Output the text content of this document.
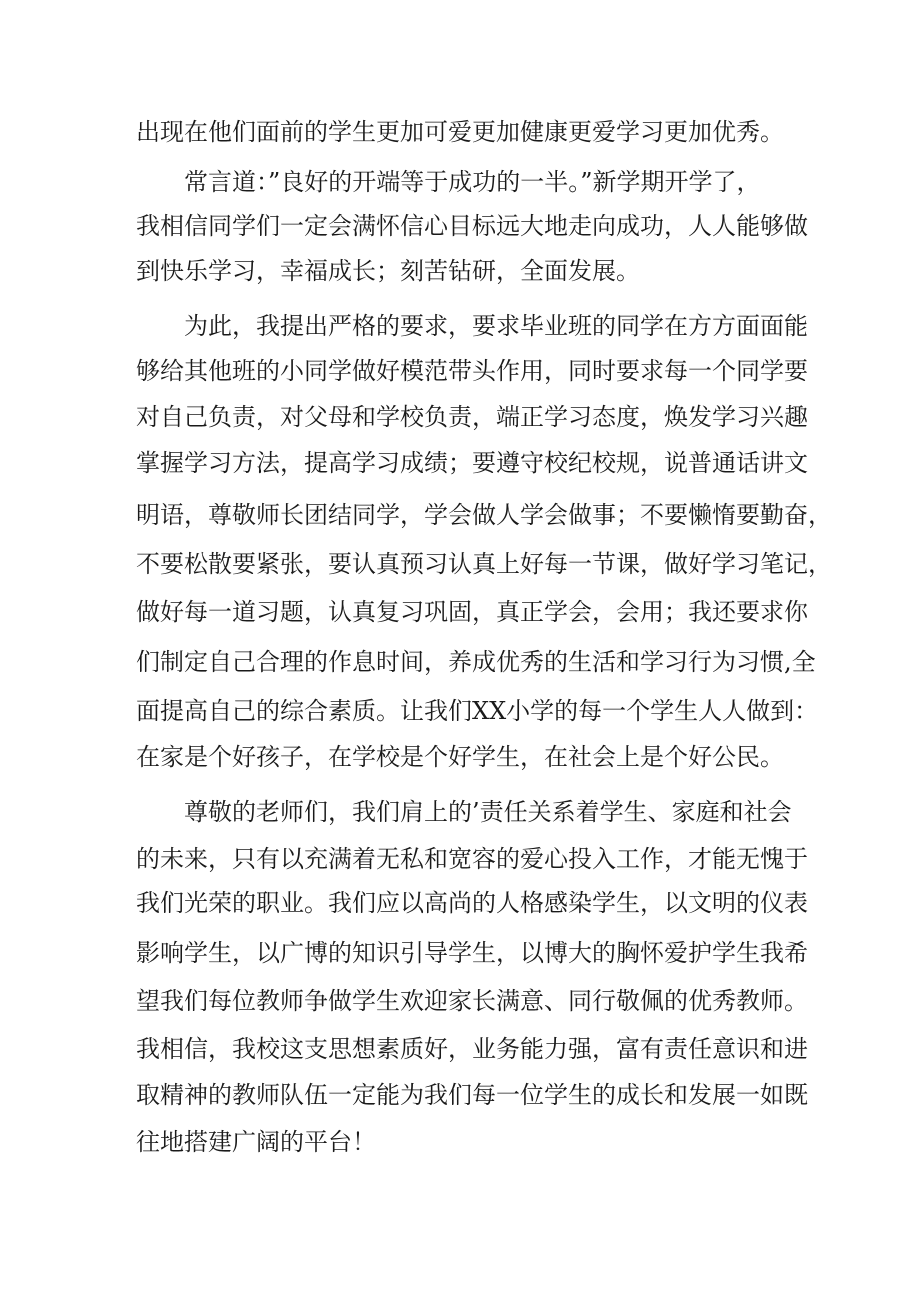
出现在他们面前的学生更加可爱更加健康更爱学习更加优秀。

常言道：”良好的开端等于成功的一半。”新学期开学了，

我相信同学们一定会满怀信心目标远大地走向成功，人人能够做

到快乐学习，幸福成长；刻苦钻研，全面发展。

为此，我提出严格的要求，要求毕业班的同学在方方面面能

够给其他班的小同学做好模范带头作用，同时要求每一个同学要

对自己负责，对父母和学校负责，端正学习态度，焕发学习兴趣

掌握学习方法，提高学习成绩；要遵守校纪校规，说普通话讲文

明语，尊敬师长团结同学，学会做人学会做事；不要懒惰要勤奋，

不要松散要紧张，要认真预习认真上好每一节课，做好学习笔记，

做好每一道习题，认真复习巩固，真正学会，会用；我还要求你

们制定自己合理的作息时间，养成优秀的生活和学习行为习惯,全

面提高自己的综合素质。让我们XX小学的每一个学生人人做到：

在家是个好孩子，在学校是个好学生，在社会上是个好公民。

尊敬的老师们，我们肩上的’责任关系着学生、家庭和社会

的未来，只有以充满着无私和宽容的爱心投入工作，才能无愧于

我们光荣的职业。我们应以高尚的人格感染学生，以文明的仪表

影响学生，以广博的知识引导学生，以博大的胸怀爱护学生我希

望我们每位教师争做学生欢迎家长满意、同行敬佩的优秀教师。

我相信，我校这支思想素质好，业务能力强，富有责任意识和进

取精神的教师队伍一定能为我们每一位学生的成长和发展一如既

往地搭建广阔的平台！
